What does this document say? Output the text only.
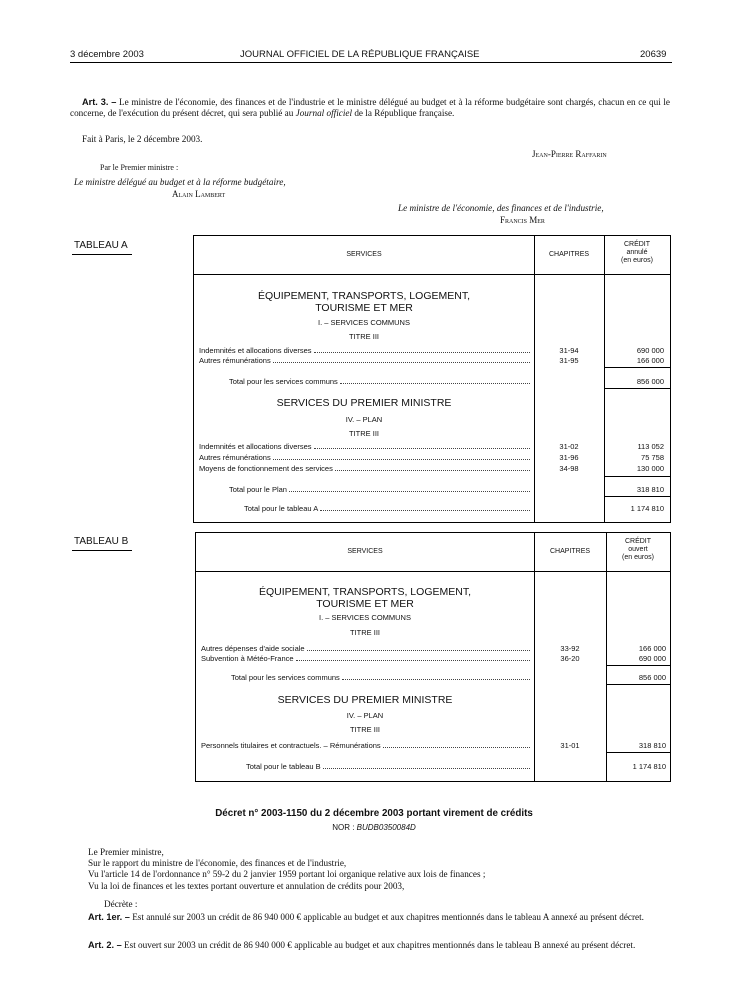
3 décembre 2003	JOURNAL OFFICIEL DE LA RÉPUBLIQUE FRANÇAISE	20639
Art. 3. – Le ministre de l'économie, des finances et de l'industrie et le ministre délégué au budget et à la réforme budgétaire sont chargés, chacun en ce qui le concerne, de l'exécution du présent décret, qui sera publié au Journal officiel de la République française.
Fait à Paris, le 2 décembre 2003.
Jean-Pierre Raffarin
Par le Premier ministre :
Le ministre délégué au budget et à la réforme budgétaire,
Alain Lambert
Le ministre de l'économie, des finances et de l'industrie,
Francis Mer
TABLEAU A
SERVICES	CHAPITRES
CRÉDIT
annulé
(en euros)
ÉQUIPEMENT, TRANSPORTS, LOGEMENT,
TOURISME ET MER
I. – SERVICES COMMUNS
TITRE III
Indemnités et allocations diverses	31-94	690 000
Autres rémunérations	31-95	166 000
Total pour les services communs	856 000
SERVICES DU PREMIER MINISTRE
IV. – PLAN
TITRE III
Indemnités et allocations diverses	31-02	113 052
Autres rémunérations	31-96	75 758
Moyens de fonctionnement des services	34-98	130 000
Total pour le Plan	318 810
Total pour le tableau A	1 174 810
TABLEAU B
SERVICES	CHAPITRES
CRÉDIT
ouvert
(en euros)
ÉQUIPEMENT, TRANSPORTS, LOGEMENT,
TOURISME ET MER
I. – SERVICES COMMUNS
TITRE III
Autres dépenses d'aide sociale	33-92	166 000
Subvention à Météo-France	36-20	690 000
Total pour les services communs	856 000
SERVICES DU PREMIER MINISTRE
IV. – PLAN
TITRE III
Personnels titulaires et contractuels. – Rémunérations	31-01	318 810
Total pour le tableau B	1 174 810
Décret n° 2003-1150 du 2 décembre 2003 portant virement de crédits
NOR : BUDB0350084D
Le Premier ministre,
Sur le rapport du ministre de l'économie, des finances et de l'industrie,
Vu l'article 14 de l'ordonnance n° 59-2 du 2 janvier 1959 portant loi organique relative aux lois de finances ;
Vu la loi de finances et les textes portant ouverture et annulation de crédits pour 2003,
Décrète :
Art. 1er. – Est annulé sur 2003 un crédit de 86 940 000 € applicable au budget et aux chapitres mentionnés dans le tableau A annexé au présent décret.
Art. 2. – Est ouvert sur 2003 un crédit de 86 940 000 € applicable au budget et aux chapitres mentionnés dans le tableau B annexé au présent décret.
